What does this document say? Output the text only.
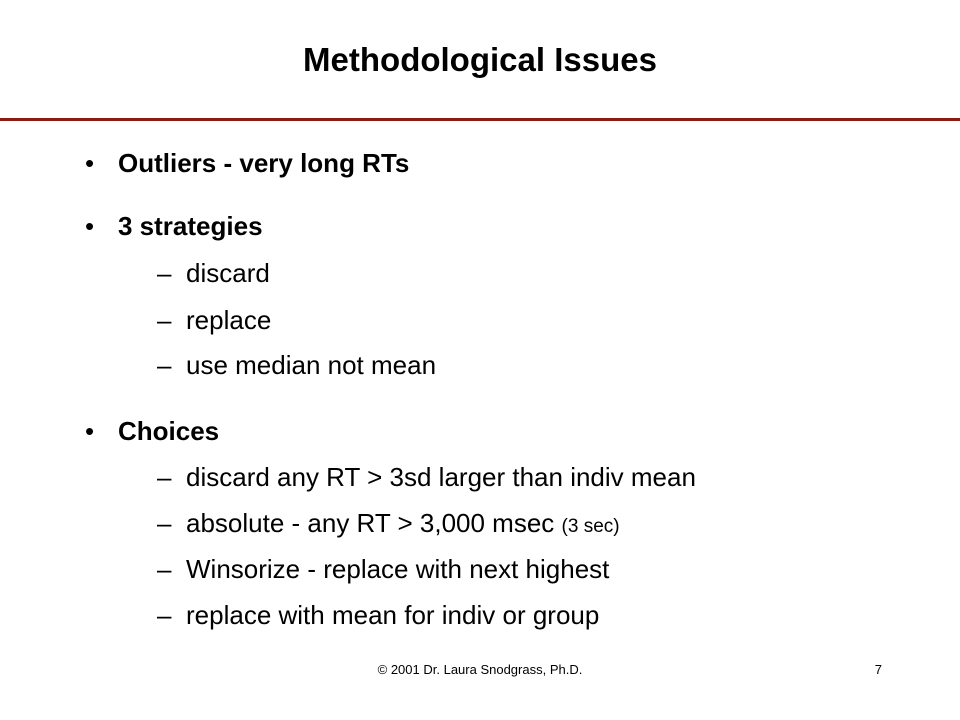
Methodological Issues
• Outliers - very long RTs
• 3 strategies
– discard
– replace
– use median not mean
• Choices
– discard any RT > 3sd larger than indiv mean
– absolute - any RT > 3,000 msec (3 sec)
– Winsorize - replace with next highest
– replace with mean for indiv or group
© 2001 Dr. Laura Snodgrass, Ph.D.	7
